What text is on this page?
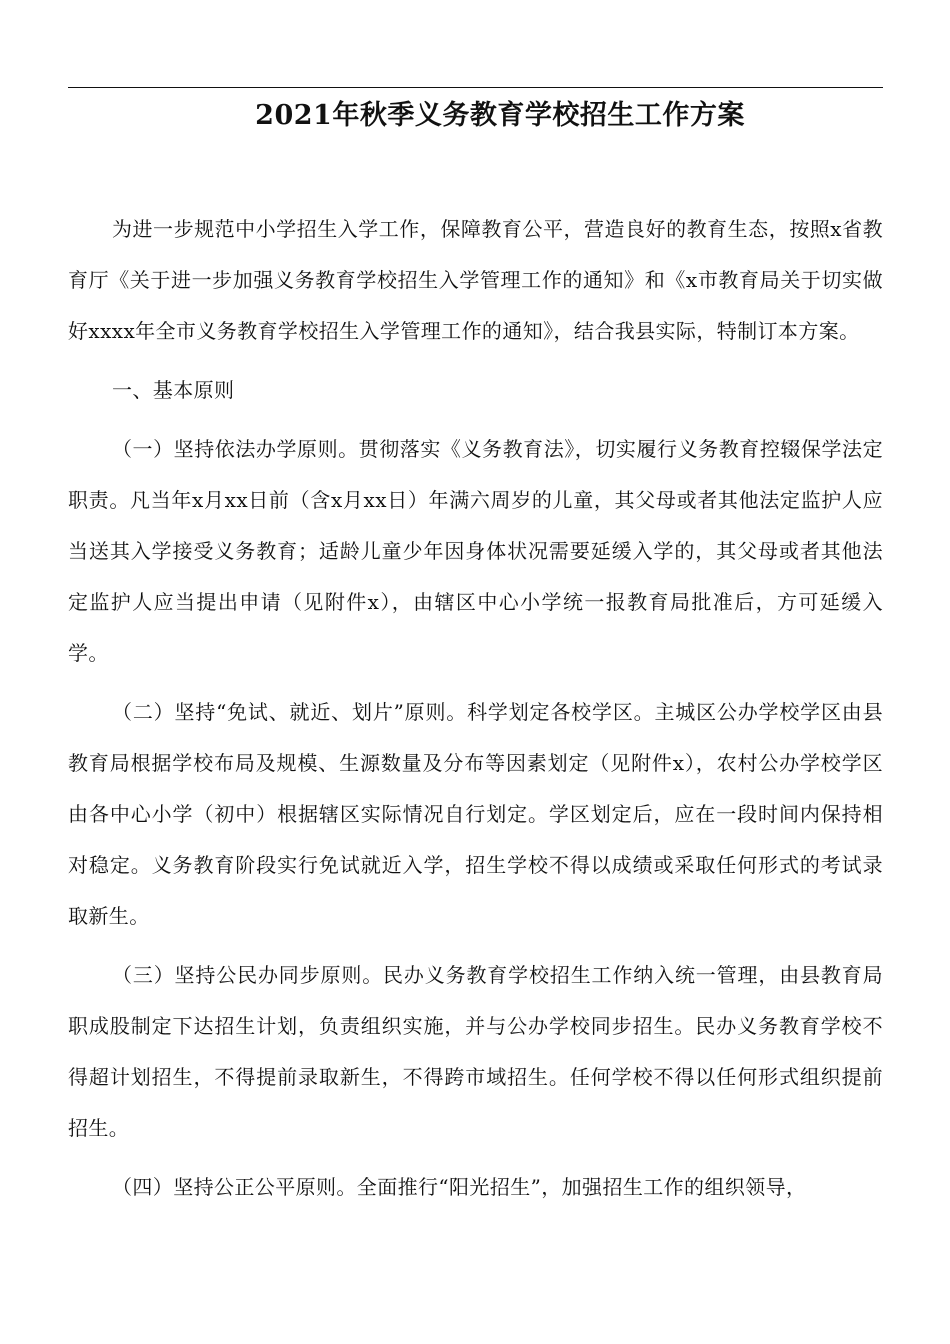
2021年秋季义务教育学校招生工作方案

为进一步规范中小学招生入学工作，保障教育公平，营造良好的教育生态，按照x省教育厅《关于进一步加强义务教育学校招生入学管理工作的通知》和《x市教育局关于切实做好xxxx年全市义务教育学校招生入学管理工作的通知》，结合我县实际，特制订本方案。

一、基本原则

（一）坚持依法办学原则。贯彻落实《义务教育法》，切实履行义务教育控辍保学法定职责。凡当年x月xx日前（含x月xx日）年满六周岁的儿童，其父母或者其他法定监护人应当送其入学接受义务教育；适龄儿童少年因身体状况需要延缓入学的，其父母或者其他法定监护人应当提出申请（见附件x），由辖区中心小学统一报教育局批准后，方可延缓入学。

（二）坚持“免试、就近、划片”原则。科学划定各校学区。主城区公办学校学区由县教育局根据学校布局及规模、生源数量及分布等因素划定（见附件x），农村公办学校学区由各中心小学（初中）根据辖区实际情况自行划定。学区划定后，应在一段时间内保持相对稳定。义务教育阶段实行免试就近入学，招生学校不得以成绩或采取任何形式的考试录取新生。

（三）坚持公民办同步原则。民办义务教育学校招生工作纳入统一管理，由县教育局职成股制定下达招生计划，负责组织实施，并与公办学校同步招生。民办义务教育学校不得超计划招生，不得提前录取新生，不得跨市域招生。任何学校不得以任何形式组织提前招生。

（四）坚持公正公平原则。全面推行“阳光招生”，加强招生工作的组织领导，
